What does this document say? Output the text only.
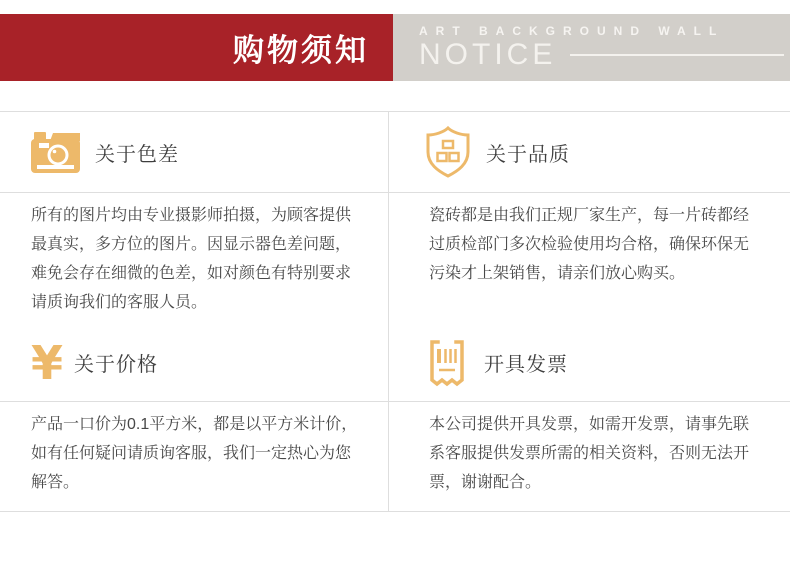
购物须知
ART BACKGROUND WALL
NOTICE
关于色差
所有的图片均由专业摄影师拍摄，为顾客提供最真实，多方位的图片。因显示器色差问题，难免会存在细微的色差，如对颜色有特别要求请质询我们的客服人员。
关于品质
瓷砖都是由我们正规厂家生产，每一片砖都经过质检部门多次检验使用均合格，确保环保无污染才上架销售，请亲们放心购买。
¥ 关于价格
产品一口价为0.1平方米，都是以平方米计价，如有任何疑问请质询客服，我们一定热心为您解答。
开具发票
本公司提供开具发票，如需开发票，请事先联系客服提供发票所需的相关资料，否则无法开票，谢谢配合。
